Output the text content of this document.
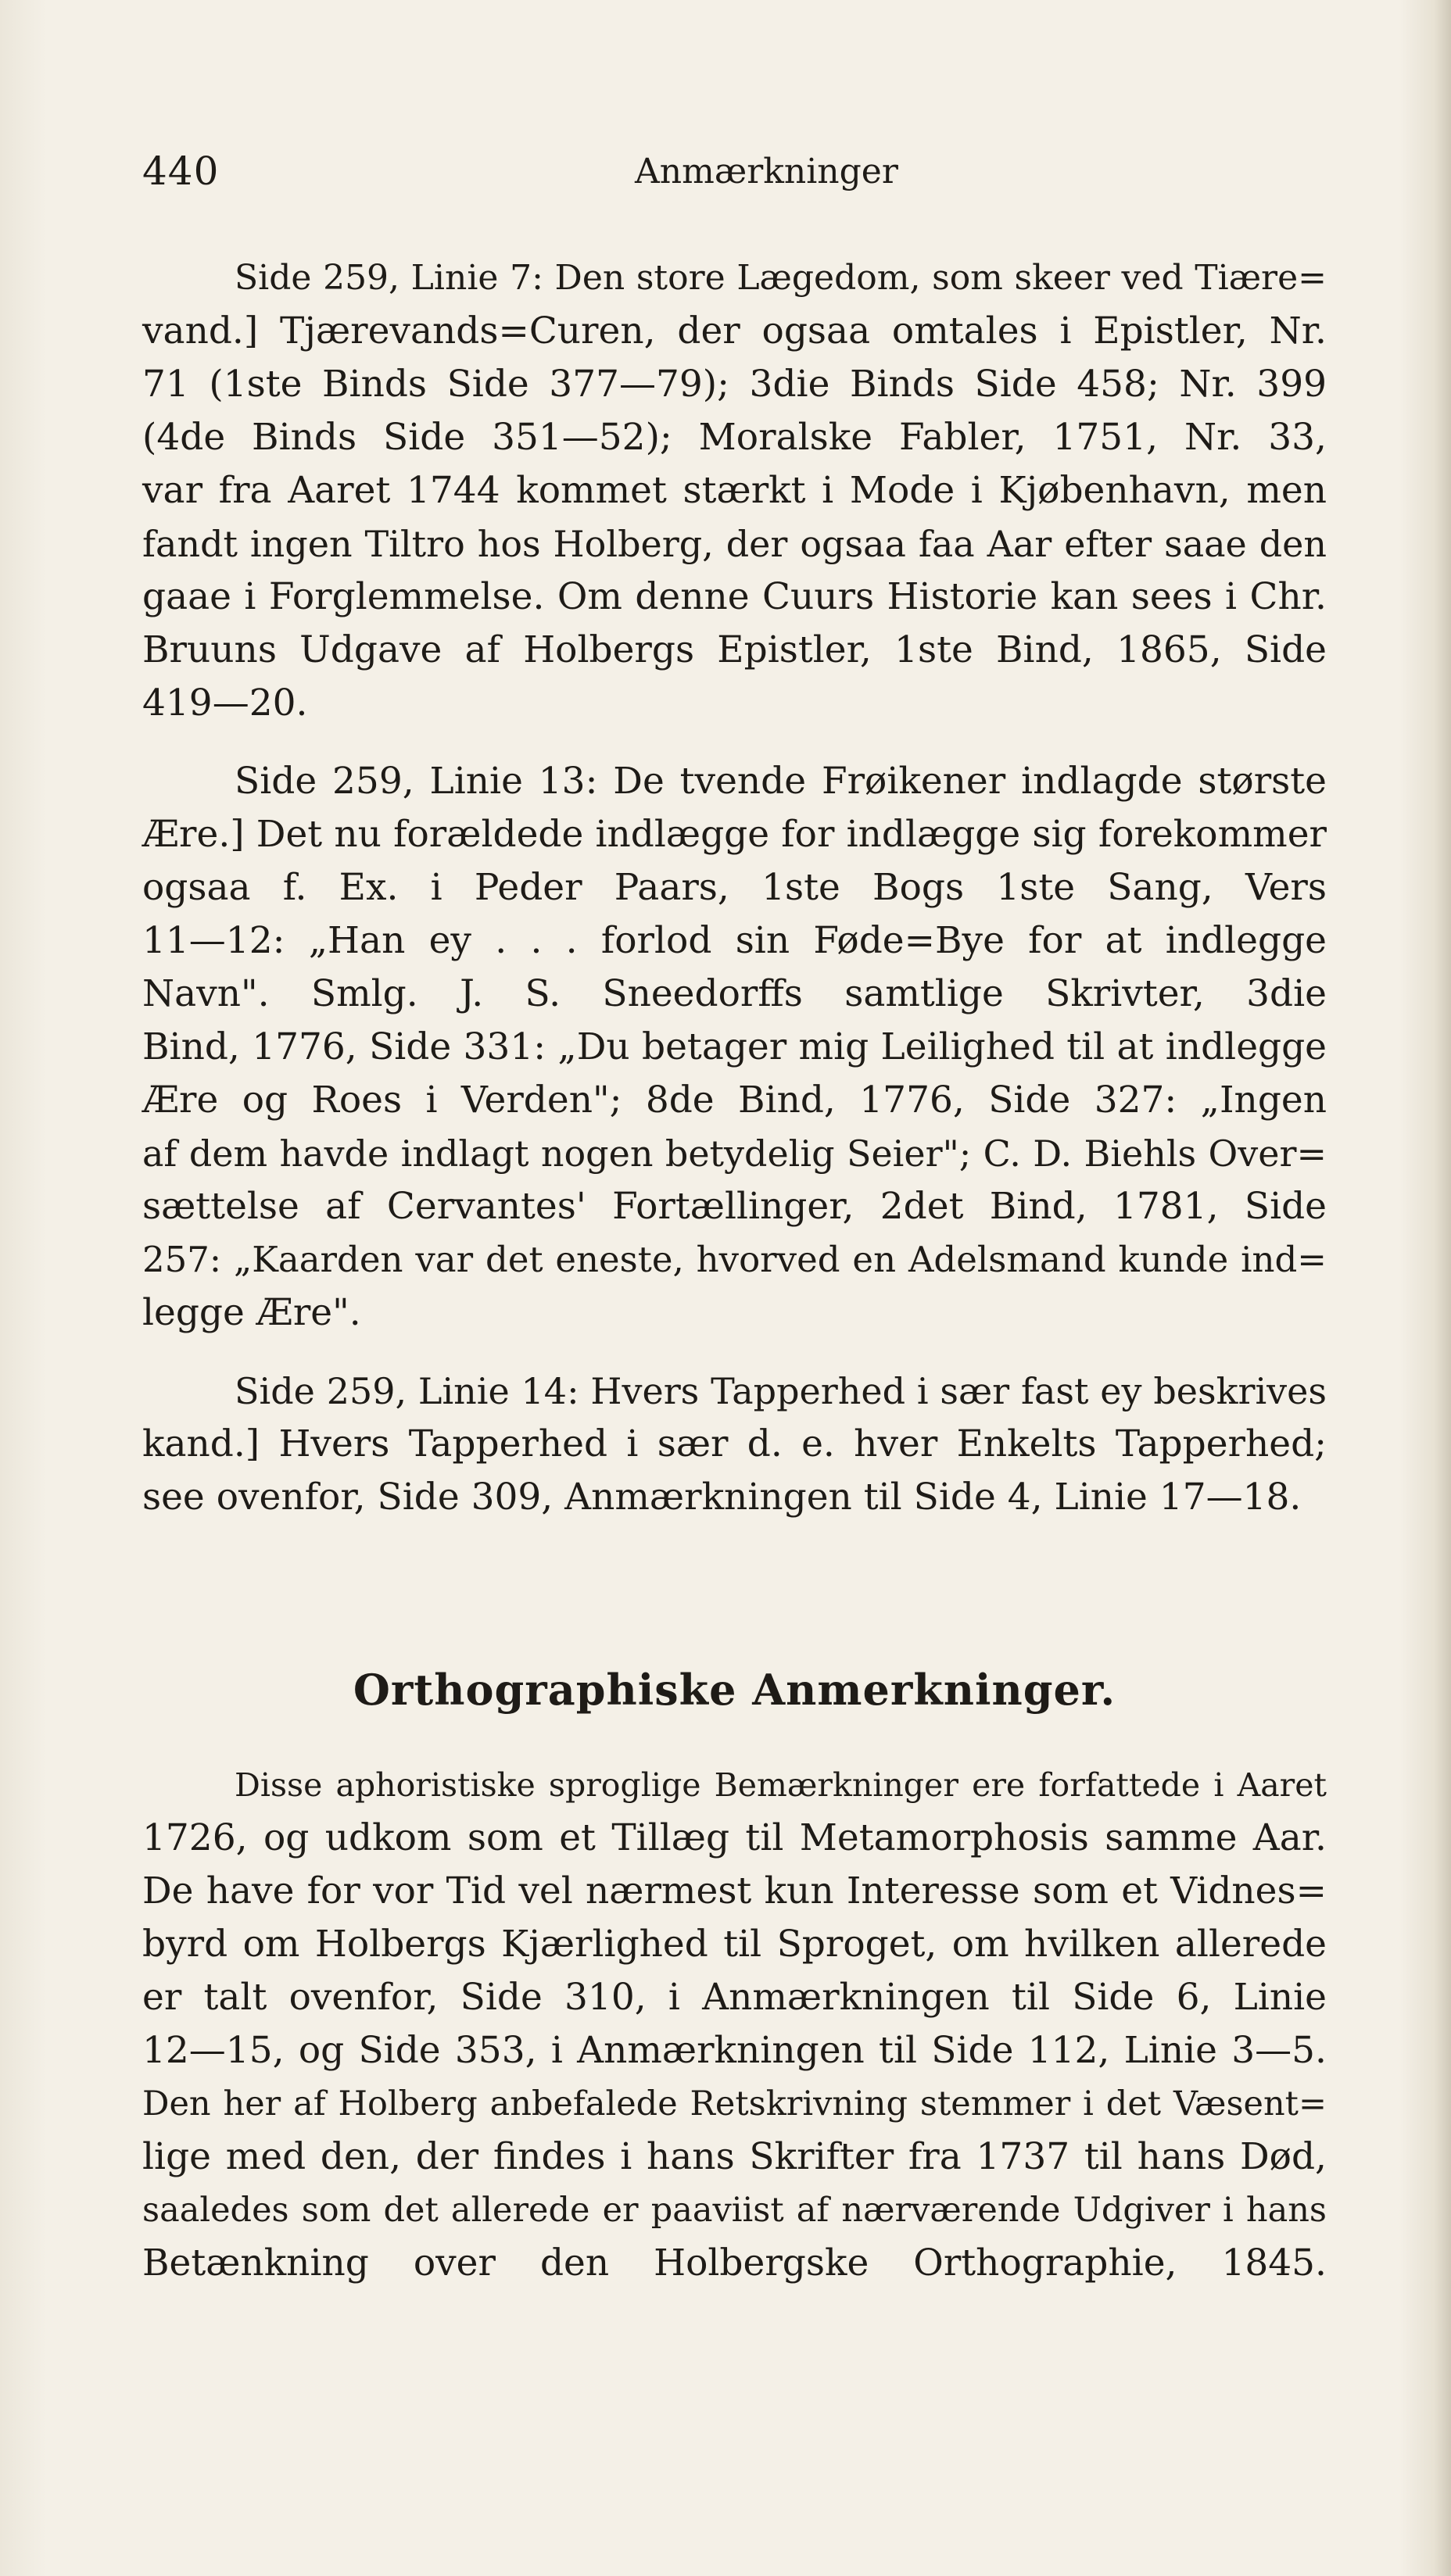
440	Anmærkninger
Side 259, Linie 7: Den store Lægedom, som skeer ved Tiære=
vand.] Tjærevands=Curen, der ogsaa omtales i Epistler, Nr.
71 (1ste Binds Side 377—79); 3die Binds Side 458; Nr. 399
(4de Binds Side 351—52); Moralske Fabler, 1751, Nr. 33,
var fra Aaret 1744 kommet stærkt i Mode i Kjøbenhavn, men
fandt ingen Tiltro hos Holberg, der ogsaa faa Aar efter saae den
gaae i Forglemmelse. Om denne Cuurs Historie kan sees i Chr.
Bruuns Udgave af Holbergs Epistler, 1ste Bind, 1865, Side
419—20.
Side 259, Linie 13: De tvende Frøikener indlagde største
Ære.] Det nu forældede indlægge for indlægge sig forekommer
ogsaa f. Ex. i Peder Paars, 1ste Bogs 1ste Sang, Vers
11—12: „Han ey . . . forlod sin Føde=Bye for at indlegge
Navn". Smlg. J. S. Sneedorffs samtlige Skrivter, 3die
Bind, 1776, Side 331: „Du betager mig Leilighed til at indlegge
Ære og Roes i Verden"; 8de Bind, 1776, Side 327: „Ingen
af dem havde indlagt nogen betydelig Seier"; C. D. Biehls Over=
sættelse af Cervantes' Fortællinger, 2det Bind, 1781, Side
257: „Kaarden var det eneste, hvorved en Adelsmand kunde ind=
legge Ære".
Side 259, Linie 14: Hvers Tapperhed i sær fast ey beskrives
kand.] Hvers Tapperhed i sær d. e. hver Enkelts Tapperhed;
see ovenfor, Side 309, Anmærkningen til Side 4, Linie 17—18.
Orthographiske Anmerkninger.
Disse aphoristiske sproglige Bemærkninger ere forfattede i Aaret
1726, og udkom som et Tillæg til Metamorphosis samme Aar.
De have for vor Tid vel nærmest kun Interesse som et Vidnes=
byrd om Holbergs Kjærlighed til Sproget, om hvilken allerede
er talt ovenfor, Side 310, i Anmærkningen til Side 6, Linie
12—15, og Side 353, i Anmærkningen til Side 112, Linie 3—5.
Den her af Holberg anbefalede Retskrivning stemmer i det Væsent=
lige med den, der findes i hans Skrifter fra 1737 til hans Død,
saaledes som det allerede er paaviist af nærværende Udgiver i hans
Betænkning over den Holbergske Orthographie, 1845.
